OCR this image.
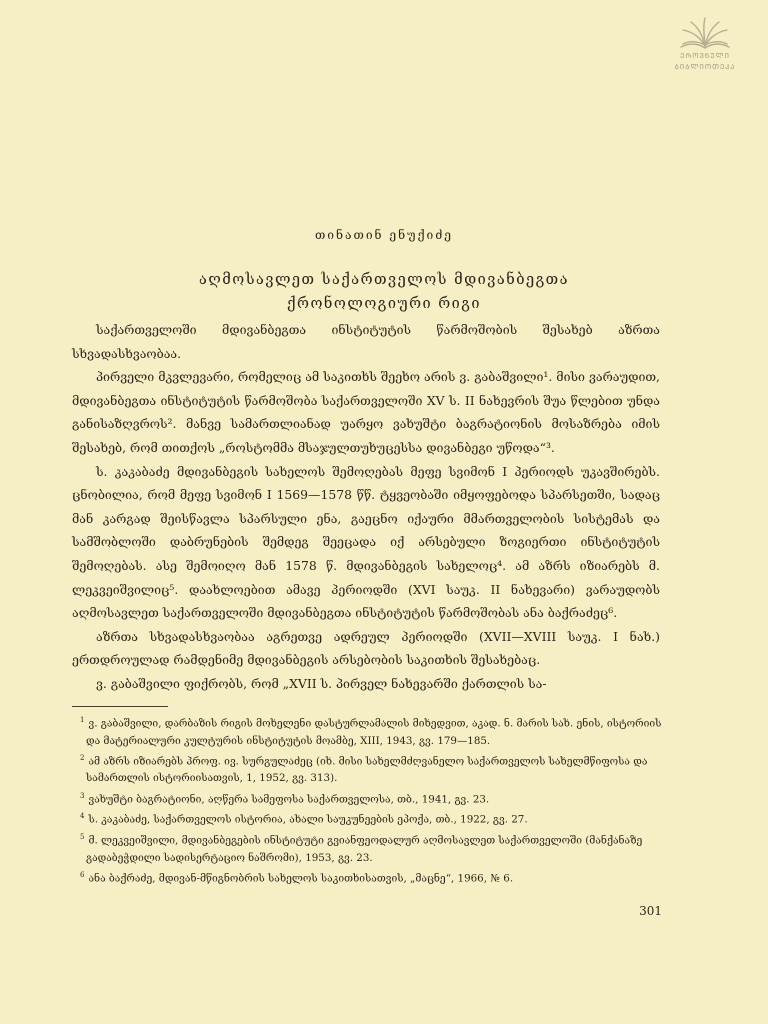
ᲔᲠᲝᲕᲜᲣᲚᲘ
ᲑᲘᲑᲚᲘᲝᲗᲔᲙᲐ
თინათინ ენუქიძე
აღმოსავლეთ საქართველოს მდივანბეგთა
ქრონოლოგიური რიგი

საქართველოში მდივანბეგთა ინსტიტუტის წარმოშობის შესახებ აზრთა სხვადასხვაობაა.

პირველი მკვლევარი, რომელიც ამ საკითხს შეეხო არის ვ. გაბაშვილი¹. მისი ვარაუდით, მდივანბეგთა ინსტიტუტის წარმოშობა საქართველოში XV ს. II ნახევრის შუა წლებით უნდა განისაზღვროს². მანვე სამართლიანად უარყო ვახუშტი ბაგრატიონის მოსაზრება იმის შესახებ, რომ თითქოს „როსტომმა მსაჯულთუხუცესსა დივანბეგი უწოდა“³.

ს. კაკაბაძე მდივანბეგის სახელოს შემოღებას მეფე სვიმონ I პერიოდს უკავშირებს. ცნობილია, რომ მეფე სვიმონ I 1569—1578 წწ. ტყვეობაში იმყოფებოდა სპარსეთში, სადაც მან კარგად შეისწავლა სპარსული ენა, გაეცნო იქაური მმართველობის სისტემას და სამშობლოში დაბრუნების შემდეგ შეეცადა იქ არსებული ზოგიერთი ინსტიტუტის შემოღებას. ასე შემოიღო მან 1578 წ. მდივანბეგის სახელოც⁴. ამ აზრს იზიარებს მ. ლეკვეიშვილიც⁵. დაახლოებით ამავე პერიოდში (XVI საუკ. II ნახევარი) ვარაუდობს აღმოსავლეთ საქართველოში მდივანბეგთა ინსტიტუტის წარმოშობას ანა ბაქრაძეც⁶.

აზრთა სხვადასხვაობაა აგრეთვე ადრეულ პერიოდში (XVII—XVIII საუკ. I ნახ.) ერთდროულად რამდენიმე მდივანბეგის არსებობის საკითხის შესახებაც.

ვ. გაბაშვილი ფიქრობს, რომ „XVII ს. პირველ ნახევარში ქართლის სა-

$^1$ ვ. გაბაშვილი, დარბაზის რიგის მოხელენი დასტურლამალის მიხედვით, აკად. ნ. მარის სახ. ენის, ისტორიის და მატერიალური კულტურის ინსტიტუტის მოამბე, XIII, 1943, გვ. 179—185.

$^2$ ამ აზრს იზიარებს პროფ. ივ. სურგულაძეც (იხ. მისი სახელმძღვანელო საქართველოს სახელმწიფოსა და სამართლის ისტორიისათვის, 1, 1952, გვ. 313).

$^3$ ვახუშტი ბაგრატიონი, აღწერა სამეფოსა საქართველოსა, თბ., 1941, გვ. 23.

$^4$ ს. კაკაბაძე, საქართველოს ისტორია, ახალი საუკუნეების ეპოქა, თბ., 1922, გვ. 27.

$^5$ მ. ლეკვეიშვილი, მდივანბეგების ინსტიტუტი გვიანფეოდალურ აღმოსავლეთ საქართველოში (მანქანაზე გადაბეჭდილი სადისერტაციო ნაშრომი), 1953, გვ. 23.

$^6$ ანა ბაქრაძე, მდივან-მწიგნობრის სახელოს საკითხისათვის, „მაცნე“, 1966, № 6.

301
